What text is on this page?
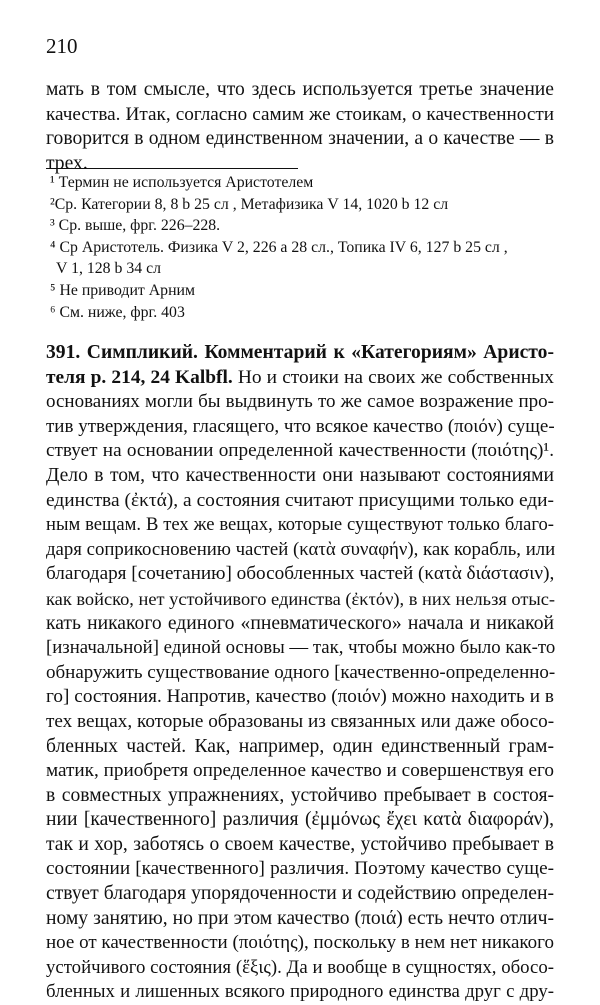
210
мать в том смысле, что здесь используется третье значение
качества. Итак, согласно самим же стоикам, о качественности
говорится в одном единственном значении, а о качестве — в
трех.
¹ Термин не используется Аристотелем
²Ср. Категории 8, 8 b 25 сл , Метафизика V 14, 1020 b 12 сл
³ Ср. выше, фрг. 226–228.
⁴ Ср Аристотель. Физика V 2, 226 а 28 сл., Топика IV 6, 127 b 25 сл ,
V 1, 128 b 34 сл
⁵ Не приводит Арним
⁶ См. ниже, фрг. 403
391. Симпликий. Комментарий к «Категориям» Аристо-
теля р. 214, 24 Kalbfl. Но и стоики на своих же собственных
основаниях могли бы выдвинуть то же самое возражение про-
тив утверждения, гласящего, что всякое качество (ποιόν) суще-
ствует на основании определенной качественности (ποιότης)¹.
Дело в том, что качественности они называют состояниями
единства (ἐκτά), а состояния считают присущими только еди-
ным вещам. В тех же вещах, которые существуют только благо-
даря соприкосновению частей (κατὰ συναφήν), как корабль, или
благодаря [сочетанию] обособленных частей (κατὰ διάστασιν),
как войско, нет устойчивого единства (ἐκτόν), в них нельзя отыс-
кать никакого единого «пневматического» начала и никакой
[изначальной] единой основы — так, чтобы можно было как-то
обнаружить существование одного [качественно-определенно-
го] состояния. Напротив, качество (ποιόν) можно находить и в
тех вещах, которые образованы из связанных или даже обосо-
бленных частей. Как, например, один единственный грам-
матик, приобретя определенное качество и совершенствуя его
в совместных упражнениях, устойчиво пребывает в состоя-
нии [качественного] различия (ἐμμόνως ἔχει κατὰ διαφοράν),
так и хор, заботясь о своем качестве, устойчиво пребывает в
состоянии [качественного] различия. Поэтому качество суще-
ствует благодаря упорядоченности и содействию определен-
ному занятию, но при этом качество (ποιά) есть нечто отлич-
ное от качественности (ποιότης), поскольку в нем нет никакого
устойчивого состояния (ἕξις). Да и вообще в сущностях, обосо-
бленных и лишенных всякого природного единства друг с дру-
